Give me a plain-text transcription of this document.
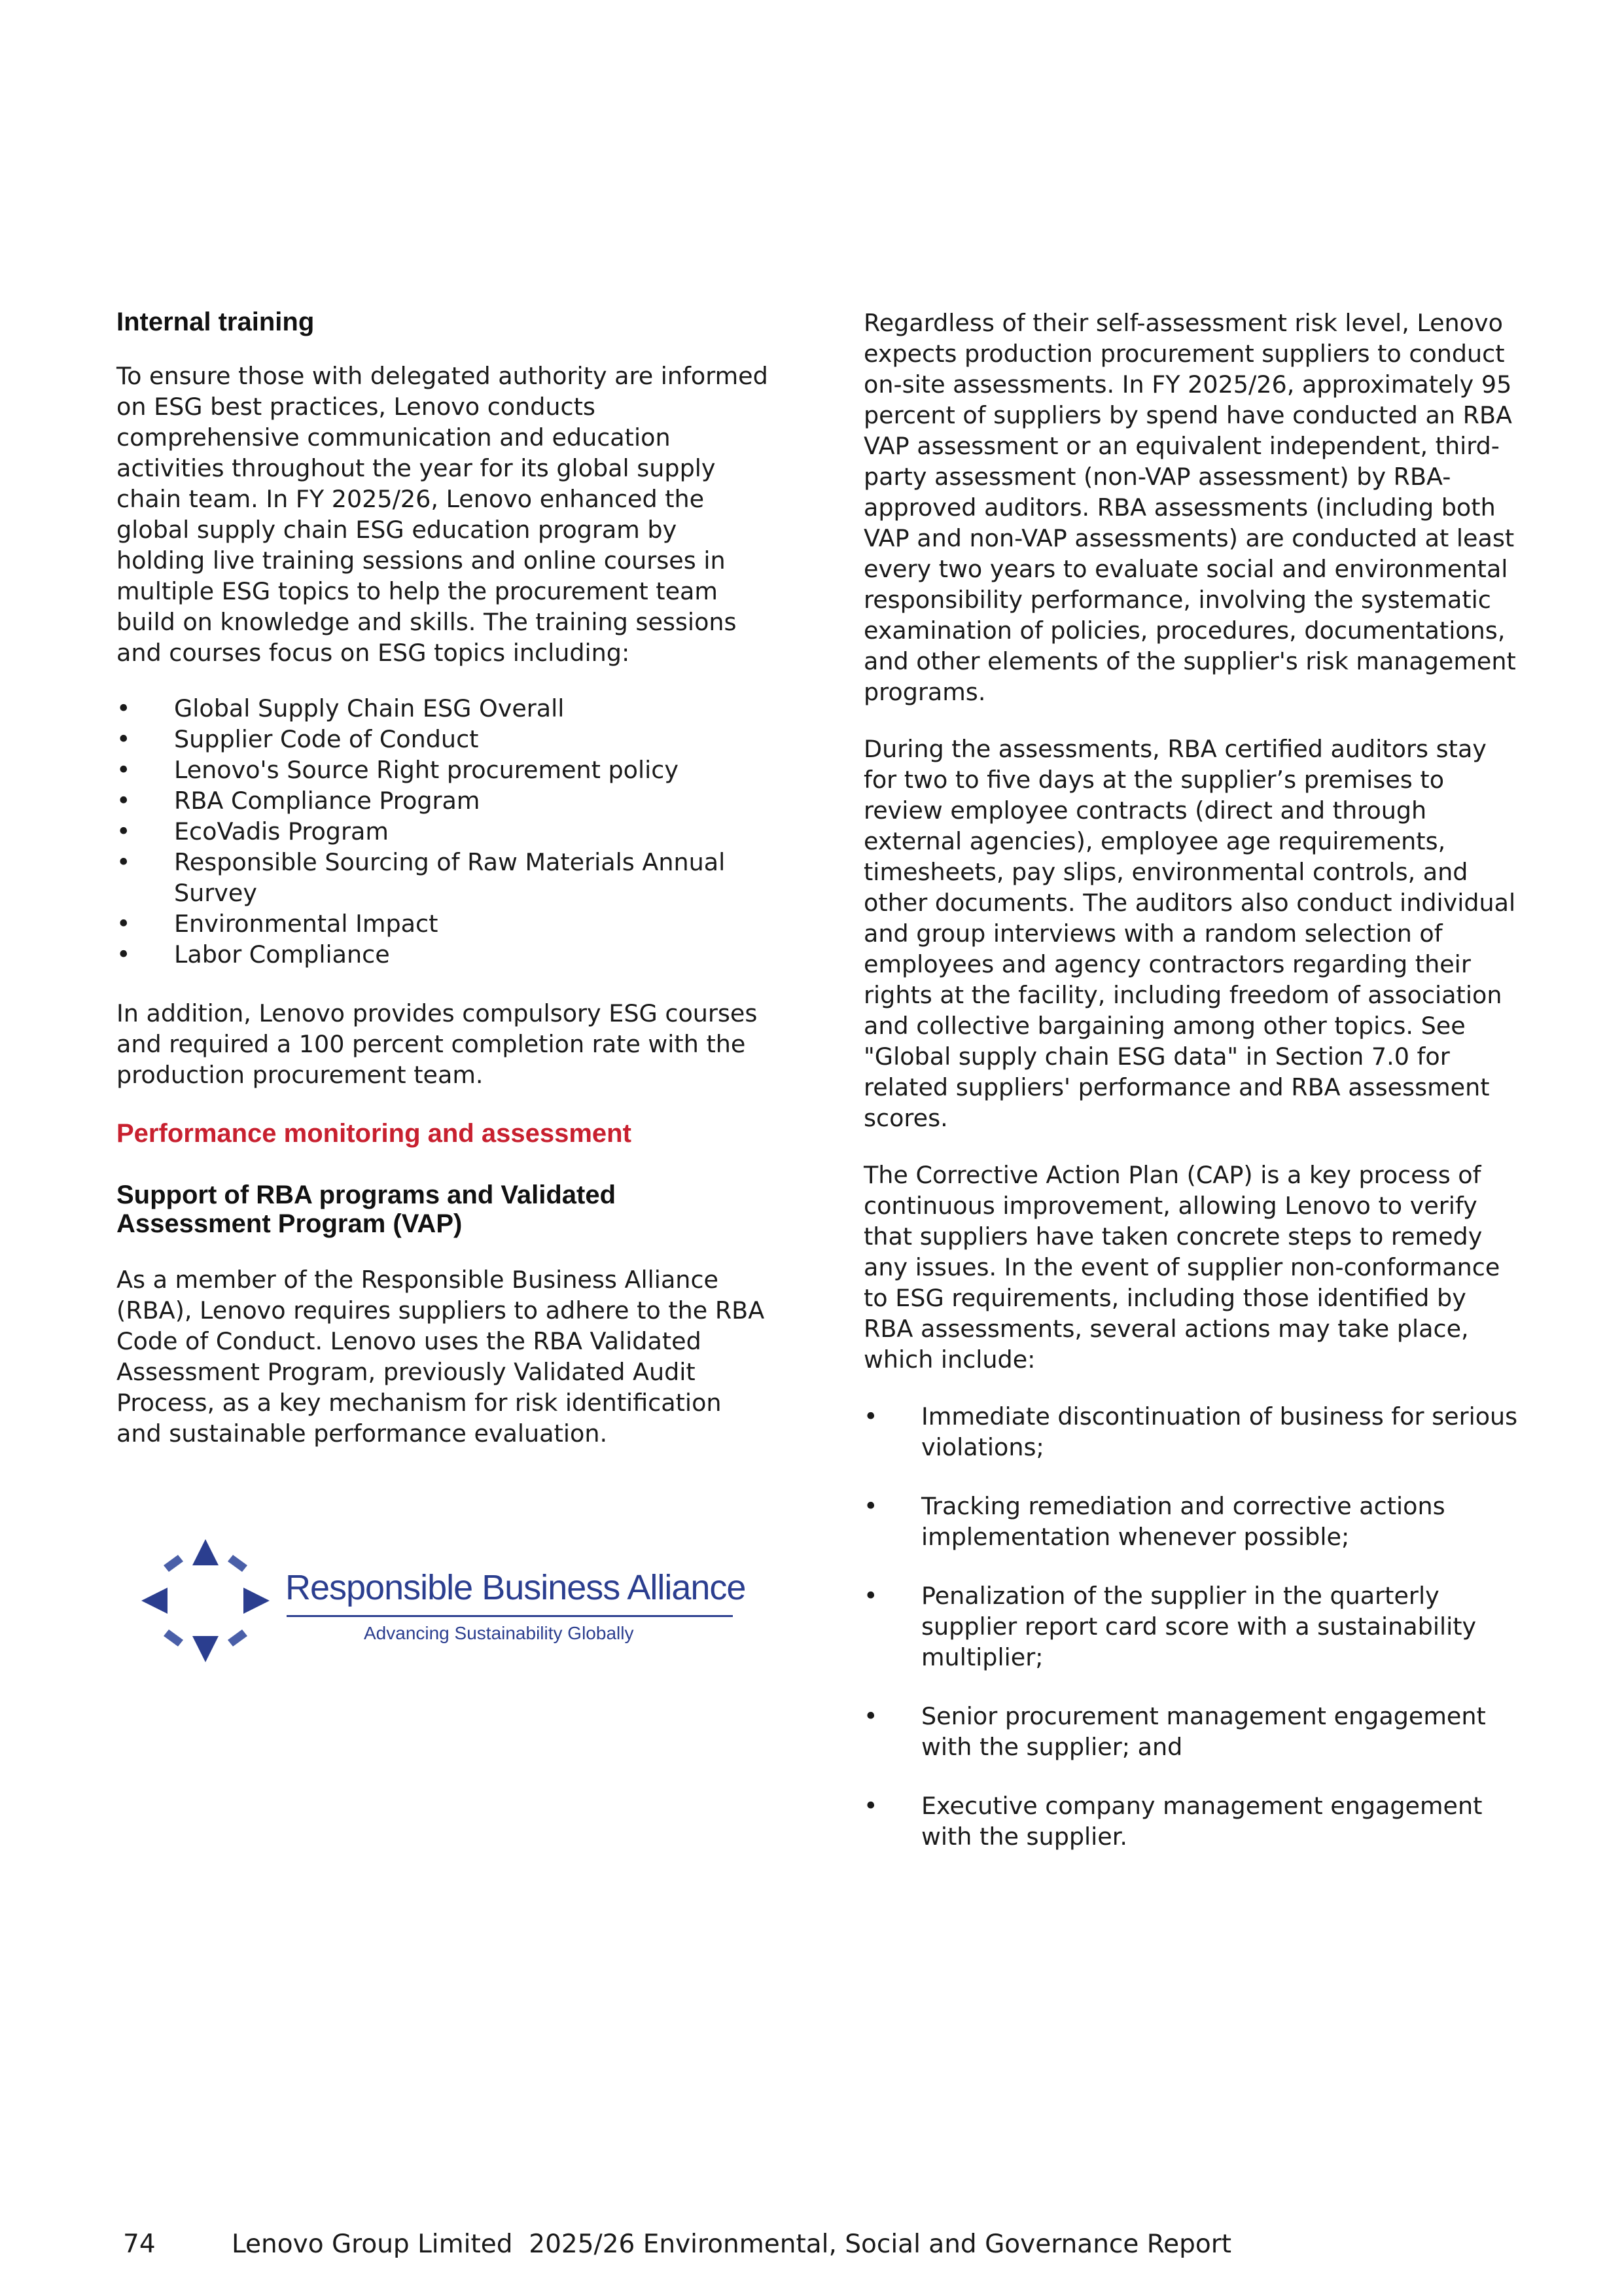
Internal training

To ensure those with delegated authority are informed on ESG best practices, Lenovo conducts comprehensive communication and education activities throughout the year for its global supply chain team. In FY 2025/26, Lenovo enhanced the global supply chain ESG education program by holding live training sessions and online courses in multiple ESG topics to help the procurement team build on knowledge and skills. The training sessions and courses focus on ESG topics including:

• Global Supply Chain ESG Overall
• Supplier Code of Conduct
• Lenovo's Source Right procurement policy
• RBA Compliance Program
• EcoVadis Program
• Responsible Sourcing of Raw Materials Annual Survey
• Environmental Impact
• Labor Compliance

In addition, Lenovo provides compulsory ESG courses and required a 100 percent completion rate with the production procurement team.

Performance monitoring and assessment
Support of RBA programs and Validated Assessment Program (VAP)

As a member of the Responsible Business Alliance (RBA), Lenovo requires suppliers to adhere to the RBA Code of Conduct. Lenovo uses the RBA Validated Assessment Program, previously Validated Audit Process, as a key mechanism for risk identification and sustainable performance evaluation.

Responsible Business Alliance
Advancing Sustainability Globally

Regardless of their self-assessment risk level, Lenovo expects production procurement suppliers to conduct on-site assessments. In FY 2025/26, approximately 95 percent of suppliers by spend have conducted an RBA VAP assessment or an equivalent independent, third-party assessment (non-VAP assessment) by RBA-approved auditors. RBA assessments (including both VAP and non-VAP assessments) are conducted at least every two years to evaluate social and environmental responsibility performance, involving the systematic examination of policies, procedures, documentations, and other elements of the supplier's risk management programs.

During the assessments, RBA certified auditors stay for two to five days at the supplier’s premises to review employee contracts (direct and through external agencies), employee age requirements, timesheets, pay slips, environmental controls, and other documents. The auditors also conduct individual and group interviews with a random selection of employees and agency contractors regarding their rights at the facility, including freedom of association and collective bargaining among other topics. See "Global supply chain ESG data" in Section 7.0 for related suppliers' performance and RBA assessment scores.

The Corrective Action Plan (CAP) is a key process of continuous improvement, allowing Lenovo to verify that suppliers have taken concrete steps to remedy any issues. In the event of supplier non-conformance to ESG requirements, including those identified by RBA assessments, several actions may take place, which include:

• Immediate discontinuation of business for serious violations;
• Tracking remediation and corrective actions implementation whenever possible;
• Penalization of the supplier in the quarterly supplier report card score with a sustainability multiplier;
• Senior procurement management engagement with the supplier; and
• Executive company management engagement with the supplier.
74	Lenovo Group Limited  2025/26 Environmental, Social and Governance Report
